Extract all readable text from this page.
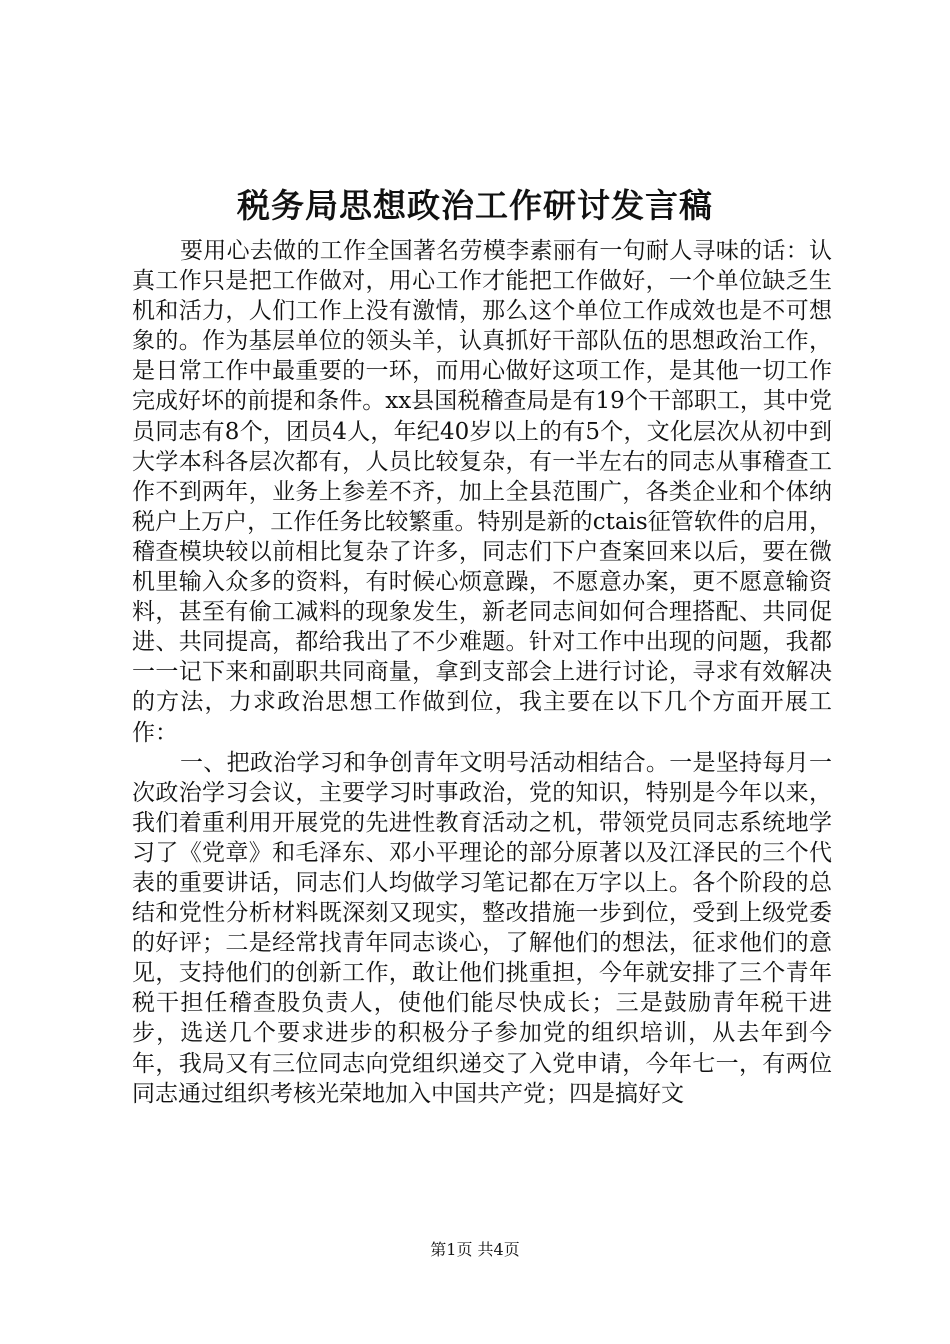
税务局思想政治工作研讨发言稿

要用心去做的工作全国著名劳模李素丽有一句耐人寻味的话：认真工作只是把工作做对，用心工作才能把工作做好，一个单位缺乏生机和活力，人们工作上没有激情，那么这个单位工作成效也是不可想象的。作为基层单位的领头羊，认真抓好干部队伍的思想政治工作，是日常工作中最重要的一环，而用心做好这项工作，是其他一切工作完成好坏的前提和条件。xx县国税稽查局是有19个干部职工，其中党员同志有8个，团员4人，年纪40岁以上的有5个，文化层次从初中到大学本科各层次都有，人员比较复杂，有一半左右的同志从事稽查工作不到两年，业务上参差不齐，加上全县范围广，各类企业和个体纳税户上万户，工作任务比较繁重。特别是新的ctais征管软件的启用，稽查模块较以前相比复杂了许多，同志们下户查案回来以后，要在微机里输入众多的资料，有时候心烦意躁，不愿意办案，更不愿意输资料，甚至有偷工减料的现象发生，新老同志间如何合理搭配、共同促进、共同提高，都给我出了不少难题。针对工作中出现的问题，我都一一记下来和副职共同商量，拿到支部会上进行讨论，寻求有效解决的方法，力求政治思想工作做到位，我主要在以下几个方面开展工作：

一、把政治学习和争创青年文明号活动相结合。一是坚持每月一次政治学习会议，主要学习时事政治，党的知识，特别是今年以来，我们着重利用开展党的先进性教育活动之机，带领党员同志系统地学习了《党章》和毛泽东、邓小平理论的部分原著以及江泽民的三个代表的重要讲话，同志们人均做学习笔记都在万字以上。各个阶段的总结和党性分析材料既深刻又现实，整改措施一步到位，受到上级党委的好评；二是经常找青年同志谈心，了解他们的想法，征求他们的意见，支持他们的创新工作，敢让他们挑重担，今年就安排了三个青年税干担任稽查股负责人，使他们能尽快成长；三是鼓励青年税干进步，选送几个要求进步的积极分子参加党的组织培训，从去年到今年，我局又有三位同志向党组织递交了入党申请，今年七一，有两位同志通过组织考核光荣地加入中国共产党；四是搞好文

第1页 共4页
